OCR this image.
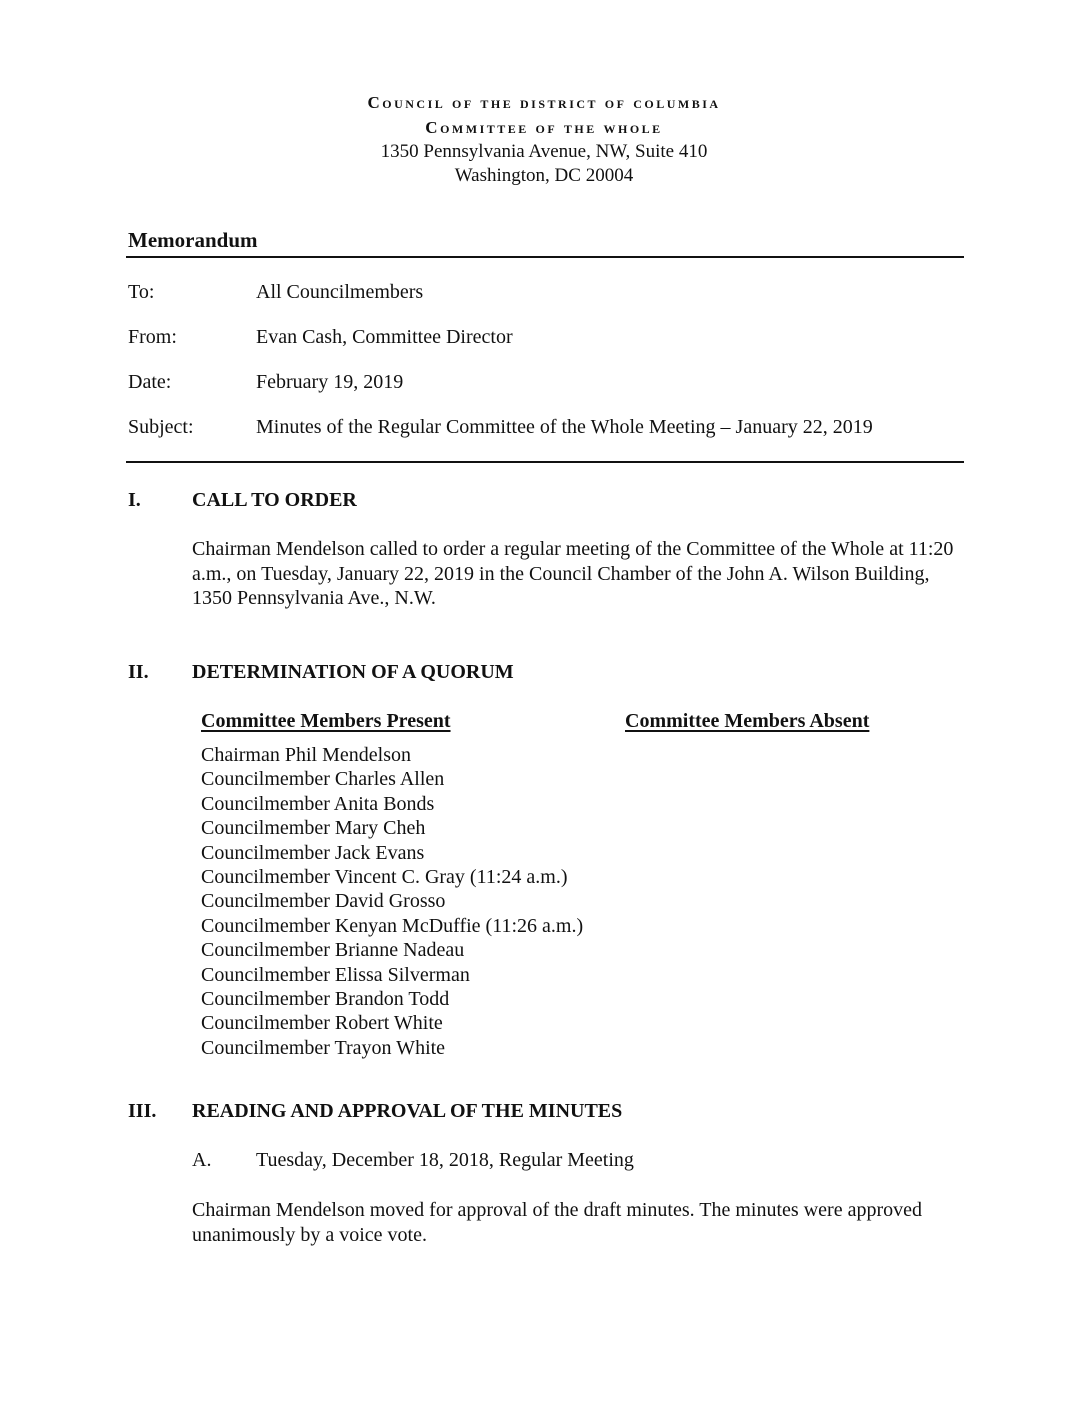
Council of the district of columbia
Committee of the whole
1350 Pennsylvania Avenue, NW, Suite 410
Washington, DC 20004
Memorandum
To:	All Councilmembers
From:	Evan Cash, Committee Director
Date:	February 19, 2019
Subject:	Minutes of the Regular Committee of the Whole Meeting – January 22, 2019
I.	CALL TO ORDER
Chairman Mendelson called to order a regular meeting of the Committee of the Whole at 11:20 a.m., on Tuesday, January 22, 2019 in the Council Chamber of the John A. Wilson Building, 1350 Pennsylvania Ave., N.W.
II. DETERMINATION OF A QUORUM
Committee Members Present	Committee Members Absent
Chairman Phil Mendelson
Councilmember Charles Allen
Councilmember Anita Bonds
Councilmember Mary Cheh
Councilmember Jack Evans
Councilmember Vincent C. Gray (11:24 a.m.)
Councilmember David Grosso
Councilmember Kenyan McDuffie (11:26 a.m.)
Councilmember Brianne Nadeau
Councilmember Elissa Silverman
Councilmember Brandon Todd
Councilmember Robert White
Councilmember Trayon White
III. READING AND APPROVAL OF THE MINUTES
A. Tuesday, December 18, 2018, Regular Meeting
Chairman Mendelson moved for approval of the draft minutes. The minutes were approved unanimously by a voice vote.
